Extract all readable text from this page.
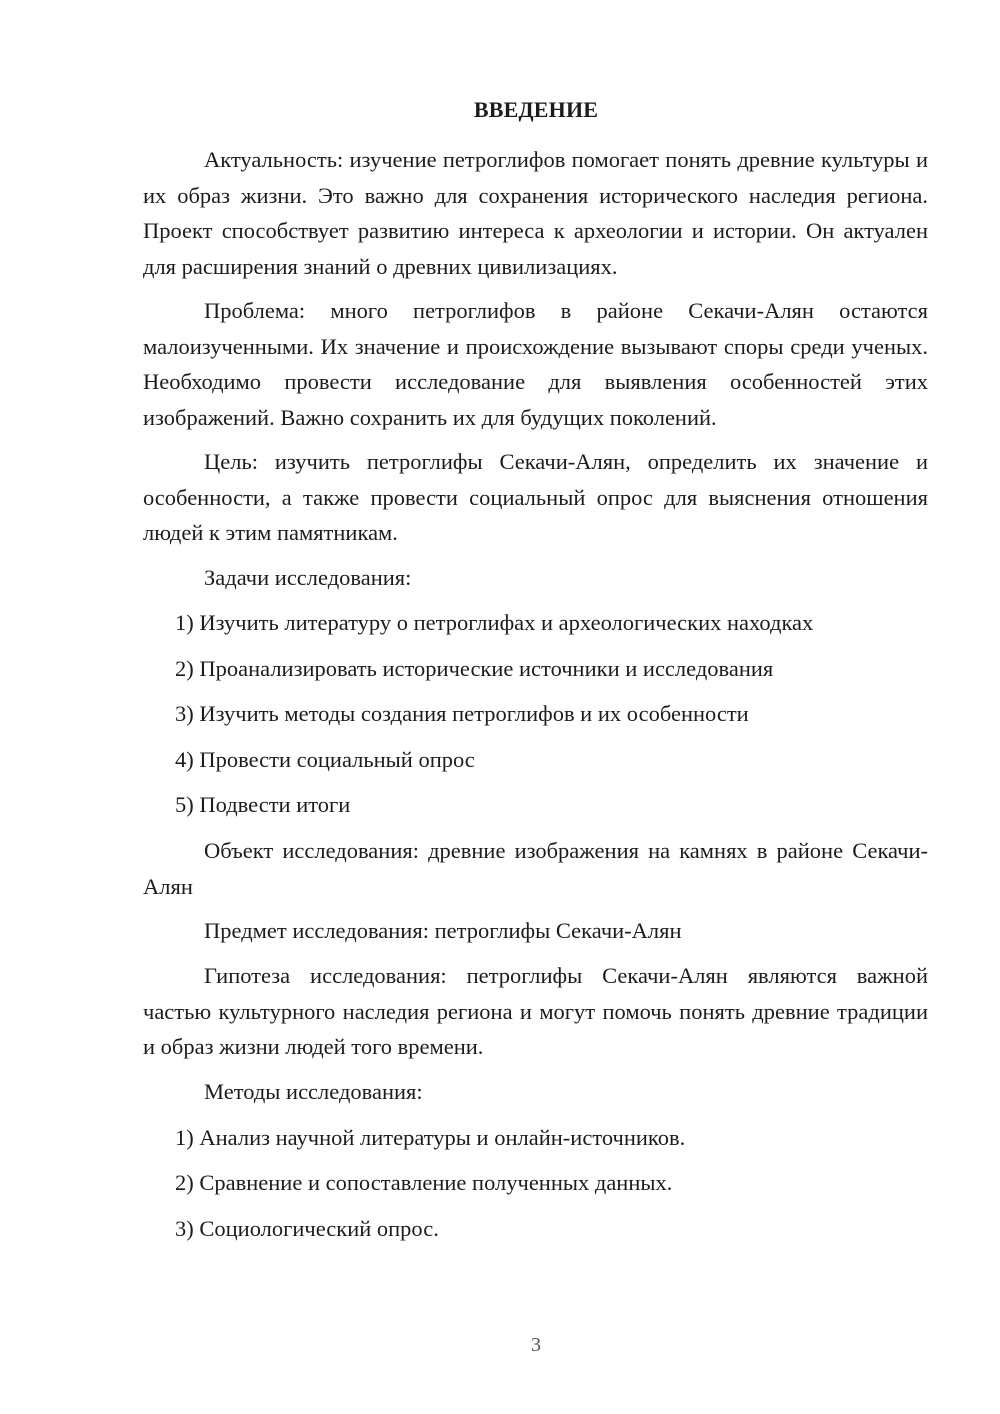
ВВЕДЕНИЕ

Актуальность: изучение петроглифов помогает понять древние культуры и их образ жизни. Это важно для сохранения исторического наследия региона. Проект способствует развитию интереса к археологии и истории. Он актуален для расширения знаний о древних цивилизациях.

Проблема: много петроглифов в районе Секачи-Алян остаются малоизученными. Их значение и происхождение вызывают споры среди ученых. Необходимо провести исследование для выявления особенностей этих изображений. Важно сохранить их для будущих поколений.

Цель: изучить петроглифы Секачи-Алян, определить их значение и особенности, а также провести социальный опрос для выяснения отношения людей к этим памятникам.

Задачи исследования:

1) Изучить литературу о петроглифах и археологических находках

2) Проанализировать исторические источники и исследования

3) Изучить методы создания петроглифов и их особенности

4) Провести социальный опрос

5) Подвести итоги

Объект исследования: древние изображения на камнях в районе Секачи-Алян

Предмет исследования: петроглифы Секачи-Алян

Гипотеза исследования: петроглифы Секачи-Алян являются важной частью культурного наследия региона и могут помочь понять древние традиции и образ жизни людей того времени.

Методы исследования:

1) Анализ научной литературы и онлайн-источников.

2) Сравнение и сопоставление полученных данных.

3) Социологический опрос.

3
